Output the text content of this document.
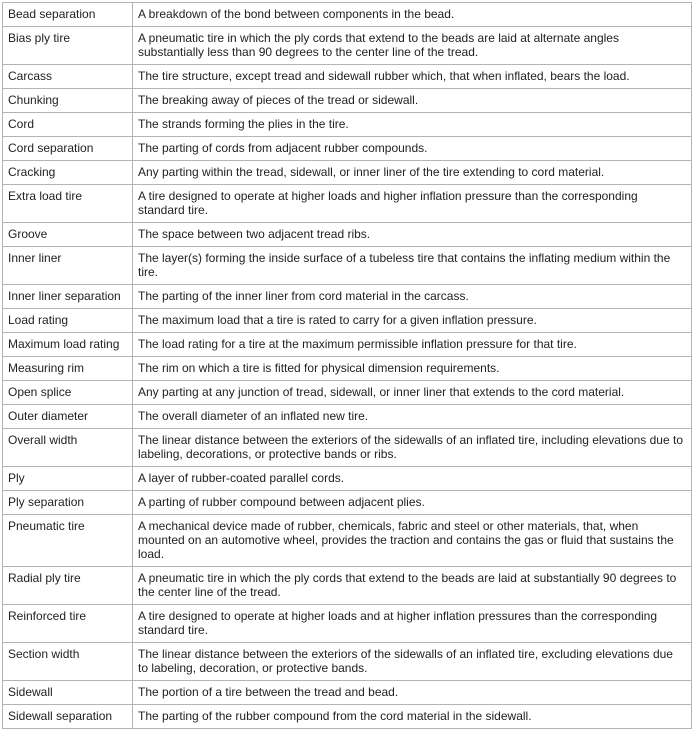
Bead separation	A breakdown of the bond between components in the bead.
Bias ply tire	A pneumatic tire in which the ply cords that extend to the beads are laid at alternate angles substantially less than 90 degrees to the center line of the tread.
Carcass	The tire structure, except tread and sidewall rubber which, that when inflated, bears the load.
Chunking	The breaking away of pieces of the tread or sidewall.
Cord	The strands forming the plies in the tire.
Cord separation	The parting of cords from adjacent rubber compounds.
Cracking	Any parting within the tread, sidewall, or inner liner of the tire extending to cord material.
Extra load tire	A tire designed to operate at higher loads and higher inflation pressure than the corresponding standard tire.
Groove	The space between two adjacent tread ribs.
Inner liner	The layer(s) forming the inside surface of a tubeless tire that contains the inflating medium within the tire.
Inner liner separation	The parting of the inner liner from cord material in the carcass.
Load rating	The maximum load that a tire is rated to carry for a given inflation pressure.
Maximum load rating	The load rating for a tire at the maximum permissible inflation pressure for that tire.
Measuring rim	The rim on which a tire is fitted for physical dimension requirements.
Open splice	Any parting at any junction of tread, sidewall, or inner liner that extends to the cord material.
Outer diameter	The overall diameter of an inflated new tire.
Overall width	The linear distance between the exteriors of the sidewalls of an inflated tire, including elevations due to labeling, decorations, or protective bands or ribs.
Ply	A layer of rubber-coated parallel cords.
Ply separation	A parting of rubber compound between adjacent plies.
Pneumatic tire	A mechanical device made of rubber, chemicals, fabric and steel or other materials, that, when mounted on an automotive wheel, provides the traction and contains the gas or fluid that sustains the load.
Radial ply tire	A pneumatic tire in which the ply cords that extend to the beads are laid at substantially 90 degrees to the center line of the tread.
Reinforced tire	A tire designed to operate at higher loads and at higher inflation pressures than the corresponding standard tire.
Section width	The linear distance between the exteriors of the sidewalls of an inflated tire, excluding elevations due to labeling, decoration, or protective bands.
Sidewall	The portion of a tire between the tread and bead.
Sidewall separation	The parting of the rubber compound from the cord material in the sidewall.
